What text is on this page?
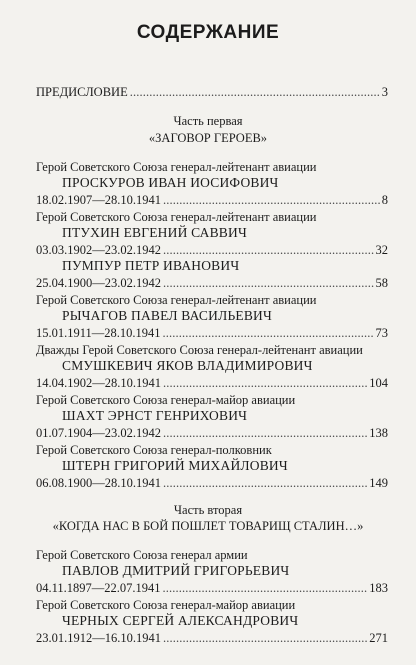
СОДЕРЖАНИЕ
ПРЕДИСЛОВИЕ . . .	3
Часть первая
«ЗАГОВОР ГЕРОЕВ»
Герой Советского Союза генерал-лейтенант авиации
ПРОСКУРОВ ИВАН ИОСИФОВИЧ
18.02.1907—28.10.1941 . . .	8
Герой Советского Союза генерал-лейтенант авиации
ПТУХИН ЕВГЕНИЙ САВВИЧ
03.03.1902—23.02.1942 . . .	32
ПУМПУР ПЕТР ИВАНОВИЧ
25.04.1900—23.02.1942 . . .	58
Герой Советского Союза генерал-лейтенант авиации
РЫЧАГОВ ПАВЕЛ ВАСИЛЬЕВИЧ
15.01.1911—28.10.1941 . . .	73
Дважды Герой Советского Союза генерал-лейтенант авиации
СМУШКЕВИЧ ЯКОВ ВЛАДИМИРОВИЧ
14.04.1902—28.10.1941 . . .	104
Герой Советского Союза генерал-майор авиации
ШАХТ ЭРНСТ ГЕНРИХОВИЧ
01.07.1904—23.02.1942 . . .	138
Герой Советского Союза генерал-полковник
ШТЕРН ГРИГОРИЙ МИХАЙЛОВИЧ
06.08.1900—28.10.1941 . . .	149
Часть вторая
«КОГДА НАС В БОЙ ПОШЛЕТ ТОВАРИЩ СТАЛИН…»
Герой Советского Союза генерал армии
ПАВЛОВ ДМИТРИЙ ГРИГОРЬЕВИЧ
04.11.1897—22.07.1941 . . .	183
Герой Советского Союза генерал-майор авиации
ЧЕРНЫХ СЕРГЕЙ АЛЕКСАНДРОВИЧ
23.01.1912—16.10.1941 . . .	271
